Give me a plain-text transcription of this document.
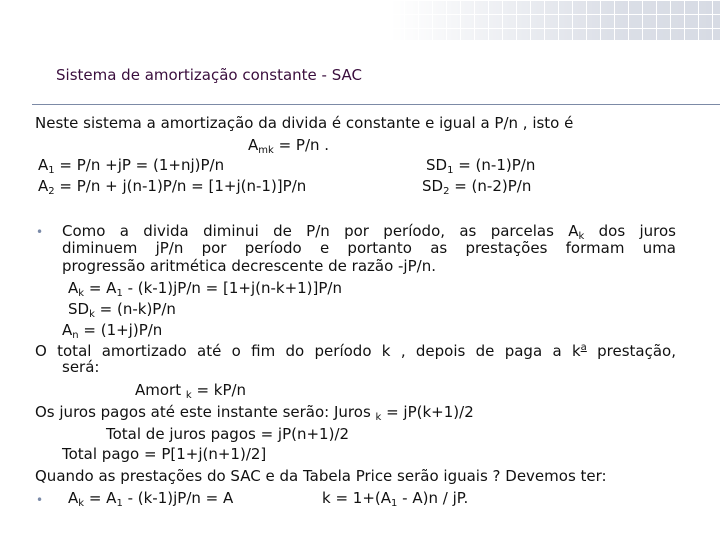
Sistema de amortização constante - SAC
Neste sistema a amortização da divida é constante e igual a P/n , isto é
$A_{mk} = P/n$ .
$A_1 = P/n +jP = (1+nj)P/n$
$A_2 = P/n + j(n-1)P/n = [1+j(n-1)]P/n$
$SD_1 = (n-1)P/n$
$SD_2 = (n-2)P/n$
• Como a divida diminui de P/n por período, as parcelas $A_k$ dos juros
diminuem jP/n por período e portanto as prestações formam uma
progressão aritmética decrescente de razão -jP/n.
$A_k = A_1 - (k-1)jP/n = [1+j(n-k+1)]P/n$
$SD_k = (n-k)P/n$
$A_n = (1+j)P/n$
O total amortizado até o fim do período k , depois de paga a $k^a$ prestação,
será:
Amort $_k$ = kP/n
Os juros pagos até este instante serão: Juros $_k$ = jP(k+1)/2
Total de juros pagos = jP(n+1)/2
Total pago = P[1+j(n+1)/2]
Quando as prestações do SAC e da Tabela Price serão iguais ? Devemos ter:
• $A_k = A_1 - (k-1)jP/n = A$	$k = 1+(A_1 - A)n$ / jP.
